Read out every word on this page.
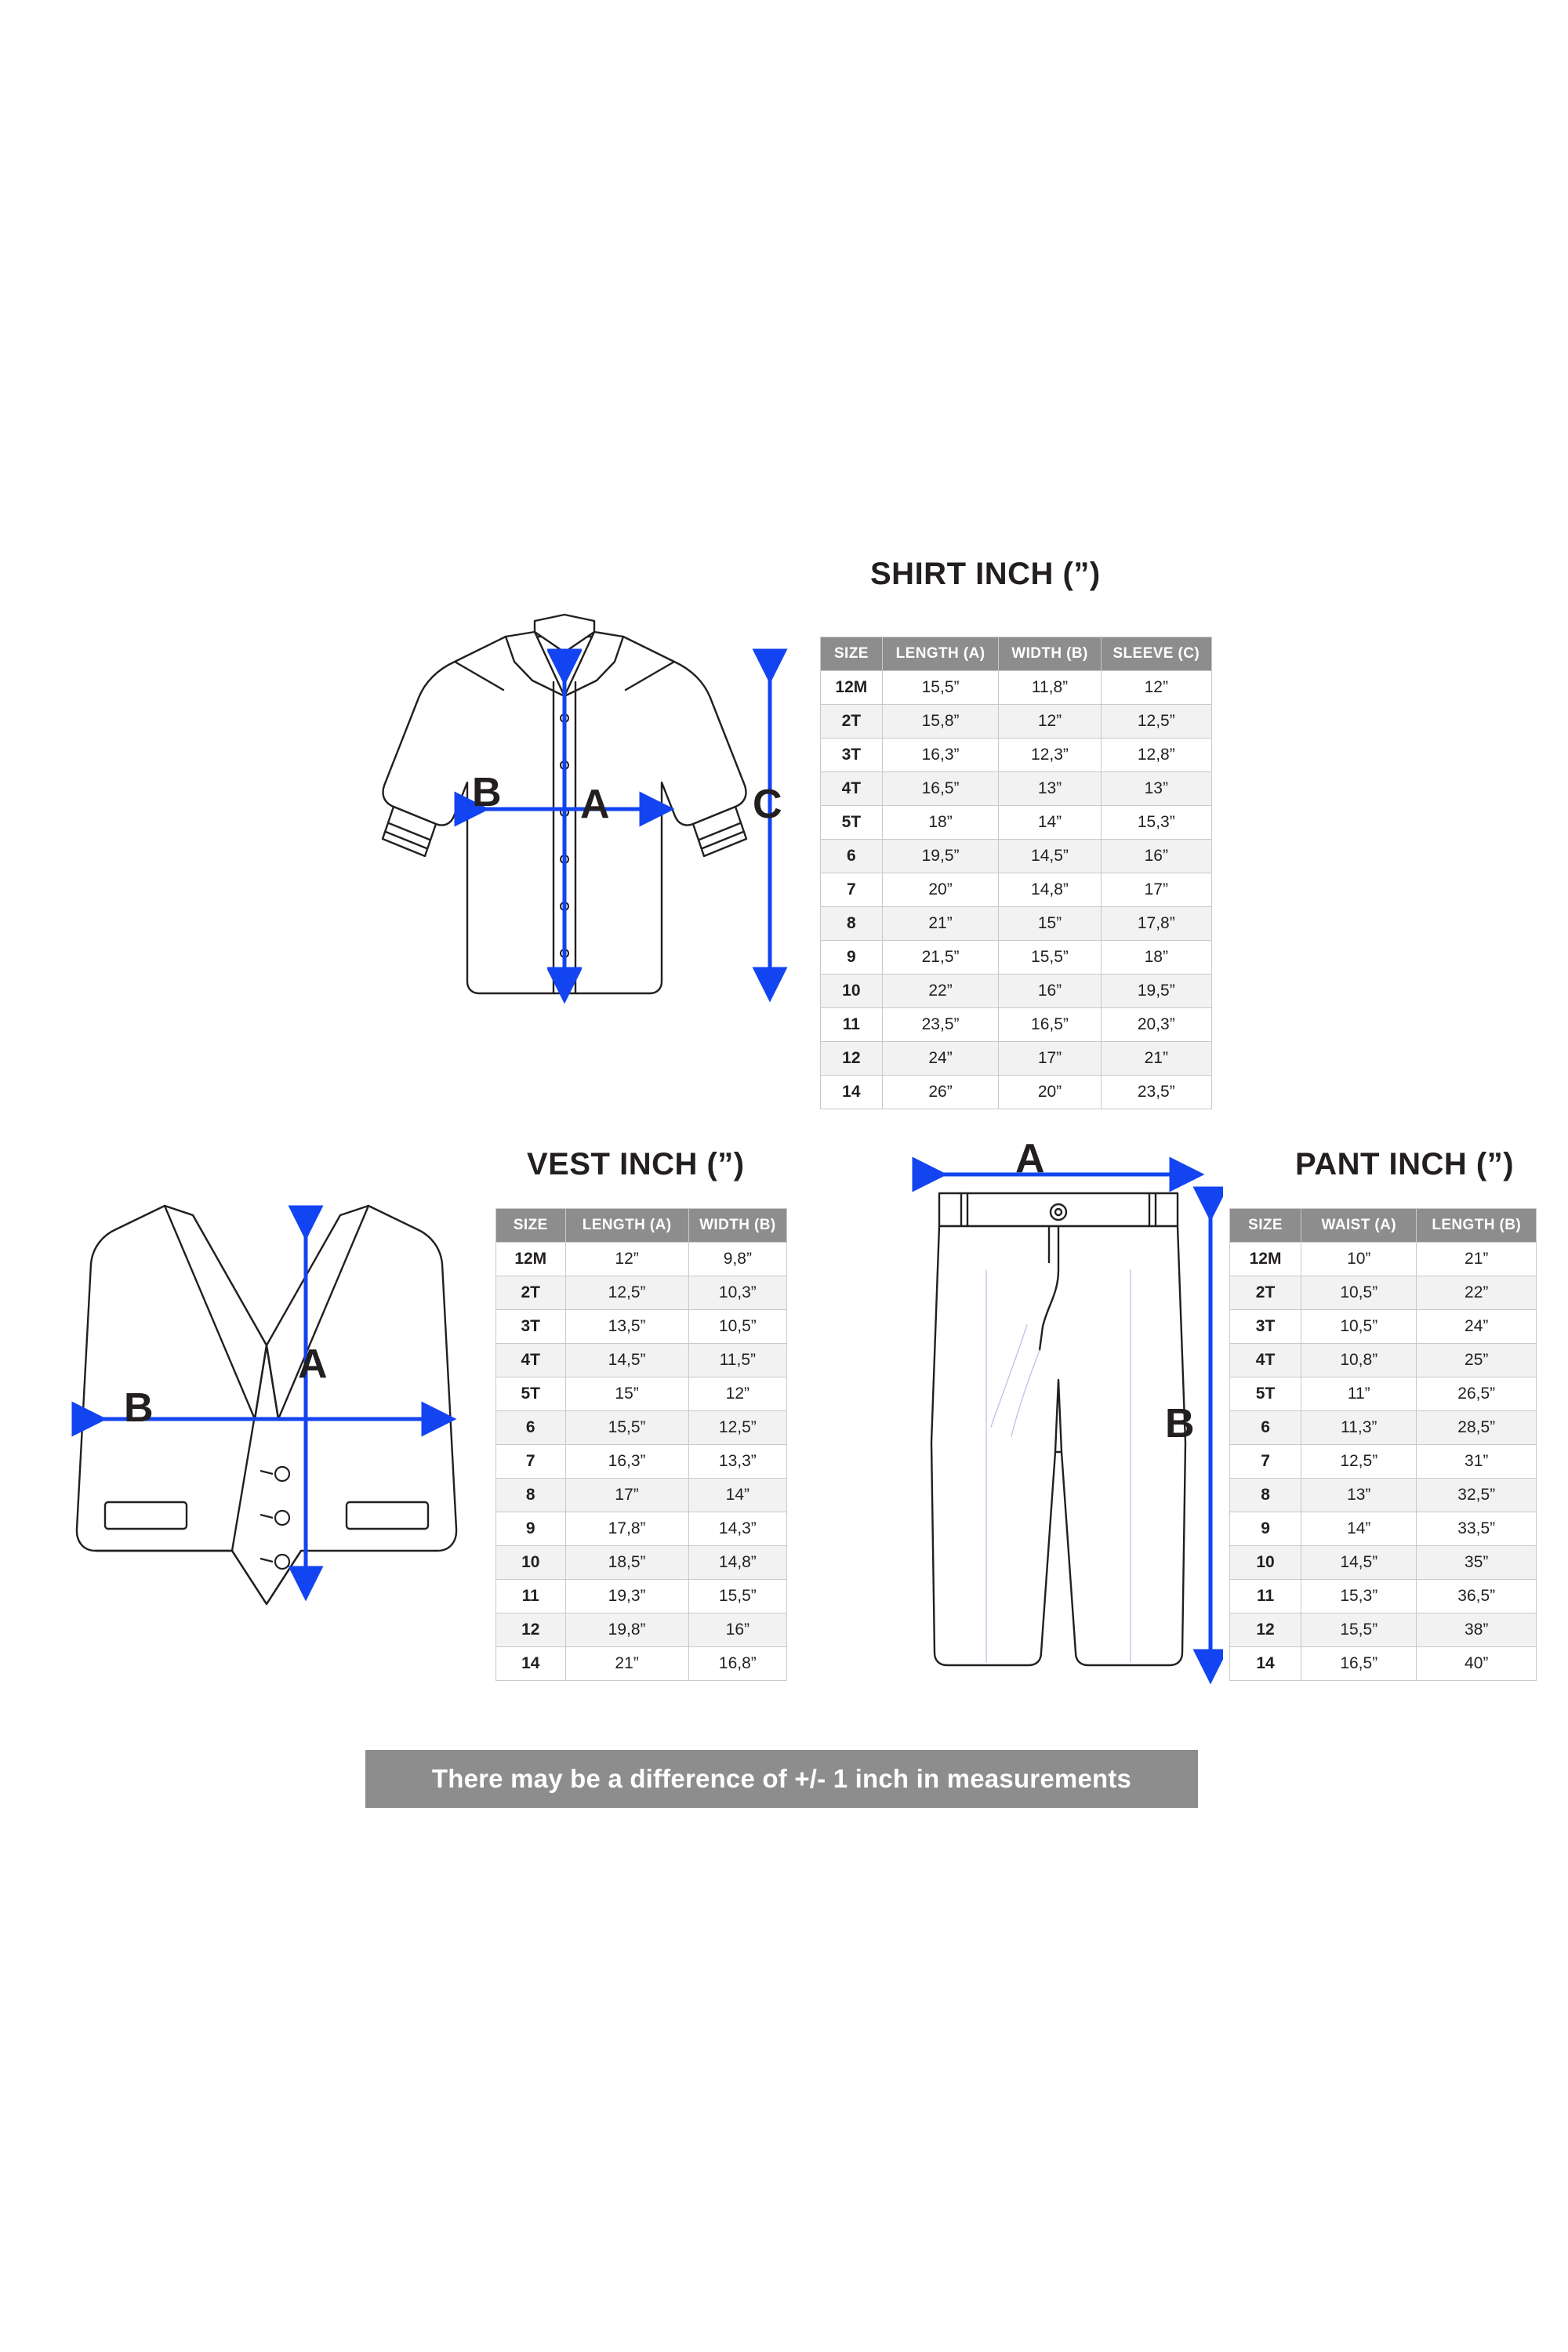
SHIRT INCH (”)
A
B	C
SIZE	LENGTH (A)	WIDTH (B)	SLEEVE (C)
12M	15,5”	11,8”	12”
2T	15,8”	12”	12,5”
3T	16,3”	12,3”	12,8”
4T	16,5”	13”	13”
5T	18”	14”	15,3”
6	19,5”	14,5”	16”
7	20”	14,8”	17”
8	21”	15”	17,8”
9	21,5”	15,5”	18”
10	22”	16”	19,5”
11	23,5”	16,5”	20,3”
12	24”	17”	21”
14	26”	20”	23,5”
VEST INCH (”)
A
B
SIZE	LENGTH (A)	WIDTH (B)
12M	12”	9,8”
2T	12,5”	10,3”
3T	13,5”	10,5”
4T	14,5”	11,5”
5T	15”	12”
6	15,5”	12,5”
7	16,3”	13,3”
8	17”	14”
9	17,8”	14,3”
10	18,5”	14,8”
11	19,3”	15,5”
12	19,8”	16”
14	21”	16,8”
PANT INCH (”)
A
B
SIZE	WAIST (A)	LENGTH (B)
12M	10”	21”
2T	10,5”	22”
3T	10,5”	24”
4T	10,8”	25”
5T	11”	26,5”
6	11,3”	28,5”
7	12,5”	31”
8	13”	32,5”
9	14”	33,5”
10	14,5”	35”
11	15,3”	36,5”
12	15,5”	38”
14	16,5”	40”
There may be a difference of +/- 1 inch in measurements
